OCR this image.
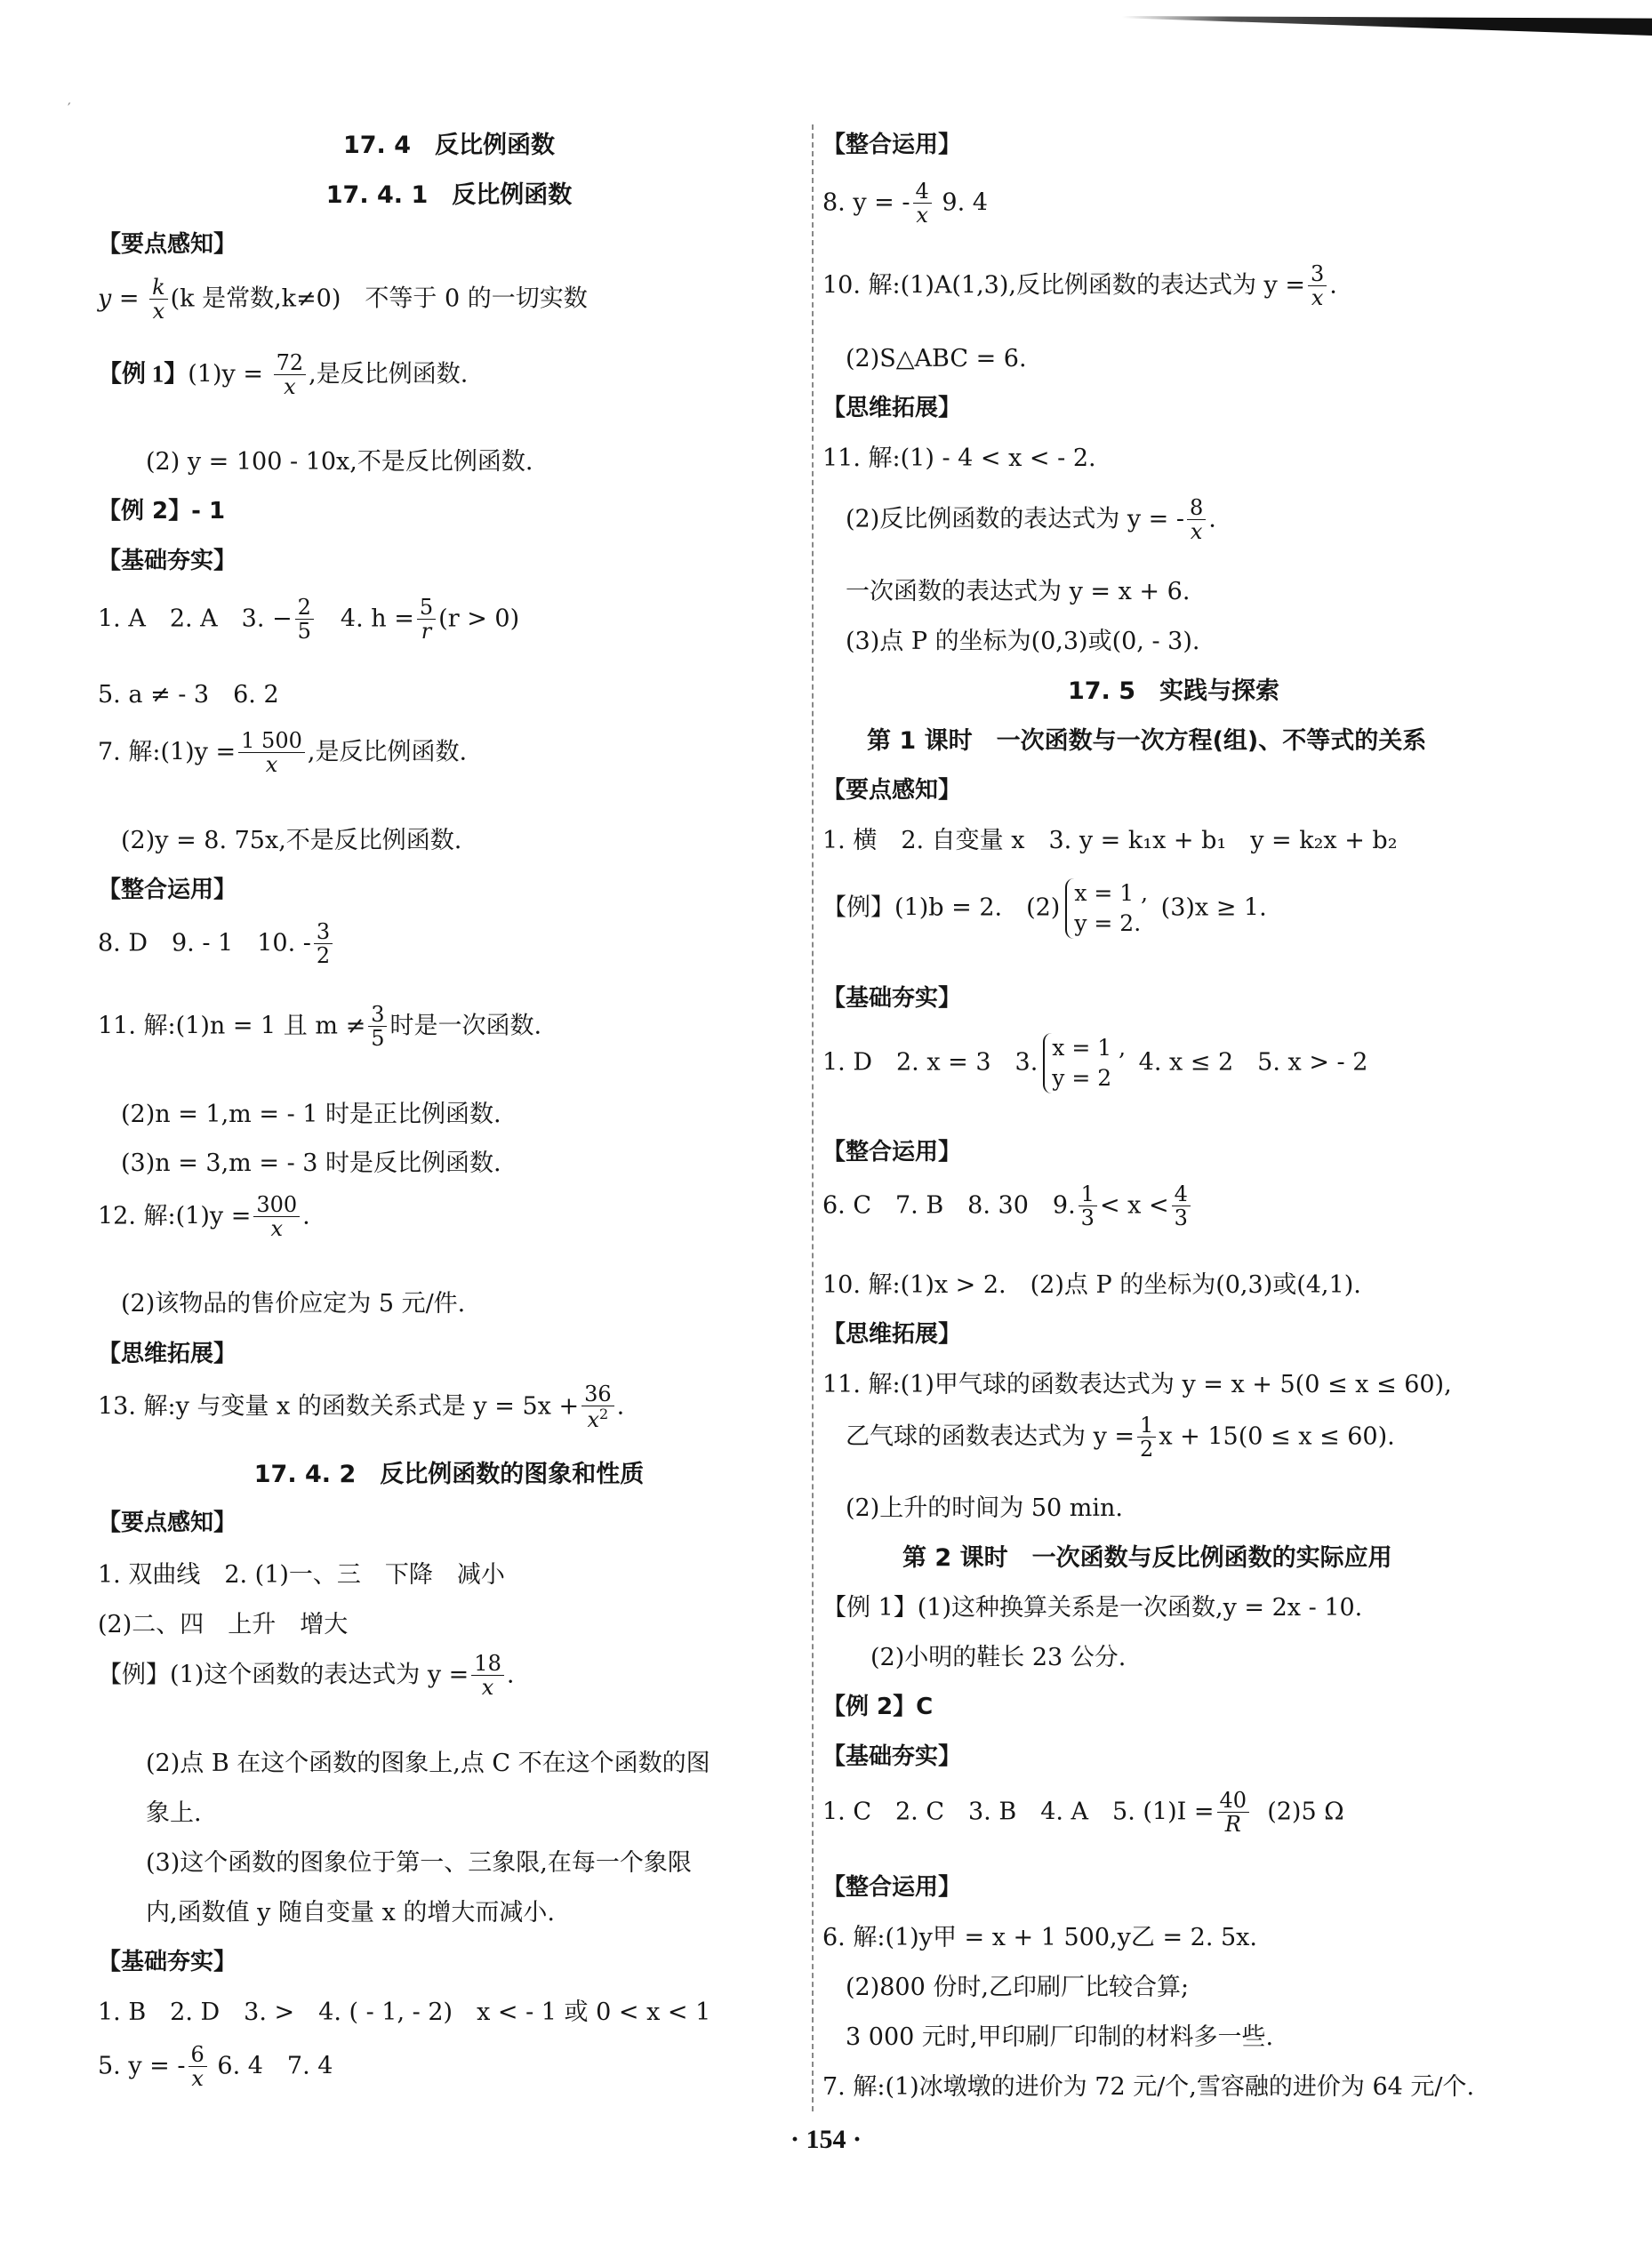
′
17. 4　反比例函数
17. 4. 1　反比例函数
【要点感知】
$y = \frac{k}{x} (k$ 是常数,k≠0)　不等于 0 的一切实数
【例 1】$(1)y = \frac{72}{x}$ ,是反比例函数.
(2) y = 100 - 10x,不是反比例函数.
【例 2】- 1
【基础夯实】
1. A　2. A　3. − $\frac{2}{5}$ 　4. $h = \frac{5}{r} (r > 0)$
5. a ≠ - 3　6. 2
7. 解:(1)y = $\frac{1 500}{x}$ ,是反比例函数.
(2)y = 8. 75x,不是反比例函数.
【整合运用】
8. D　9. - 1　10. - $\frac{3}{2}$
11. 解:(1)n = 1 且 $m \ne \frac{3}{5}$ 时是一次函数.
(2)n = 1,m = - 1 时是正比例函数.
(3)n = 3,m = - 3 时是反比例函数.
12. 解:(1)y = $\frac{300}{x}$ .
(2)该物品的售价应定为 5 元/件.
【思维拓展】
13. 解:y 与变量 x 的函数关系式是 $y = 5x + \frac{36}{x^2}$ .
17. 4. 2　反比例函数的图象和性质
【要点感知】
1. 双曲线　2. (1)一、三　下降　减小
(2)二、四　上升　增大
【例】(1)这个函数的表达式为 $y = \frac{18}{x}$ .
(2)点 B 在这个函数的图象上,点 C 不在这个函数的图
象上.
(3)这个函数的图象位于第一、三象限,在每一个象限
内,函数值 y 随自变量 x 的增大而减小.
【基础夯实】
1. B　2. D　3. >　4. ( - 1, - 2)　x < - 1 或 0 < x < 1
5. y = - $\frac{6}{x} 6$. 4　7. 4
【整合运用】
8. y = - $\frac{4}{x} 9$. 4
10. 解:(1)A(1,3),反比例函数的表达式为 $y = \frac{3}{x}$ .
(2)S△ABC = 6.
【思维拓展】
11. 解:(1) - 4 < x < - 2.
(2)反比例函数的表达式为 y = - $\frac{8}{x}$ .
一次函数的表达式为 y = x + 6.
(3)点 P 的坐标为(0,3)或(0, - 3).
17. 5　实践与探索
第 1 课时　一次函数与一次方程(组)、不等式的关系
【要点感知】
1. 横　2. 自变量 x　3. y = k₁x + b₁　y = k₂x + b₂
【例】(1)b = 2.　(2)
x = 1 ,
y = 2.
(3)x ≥ 1.
【基础夯实】
1. D　2. x = 3　3.
x = 1 ,
y = 2
4. x ≤ 2　5. x > - 2
【整合运用】
6. C　7. B　8. 30　9. $\frac{1}{3} < x < \frac{4}{3}$
10. 解:(1)x > 2.　(2)点 P 的坐标为(0,3)或(4,1).
【思维拓展】
11. 解:(1)甲气球的函数表达式为 y = x + 5(0 ≤ x ≤ 60),
乙气球的函数表达式为 $y = \frac{1}{2}$ x + 15(0 ≤ x ≤ 60).
(2)上升的时间为 50 min.
第 2 课时　一次函数与反比例函数的实际应用
【例 1】(1)这种换算关系是一次函数,y = 2x - 10.
(2)小明的鞋长 23 公分.
【例 2】C
【基础夯实】
1. C　2. C　3. B　4. A　5. $(1)I = \frac{40}{R} (2)5$ Ω
【整合运用】
6. 解:(1)y甲 = x + 1 500,y乙 = 2. 5x.
(2)800 份时,乙印刷厂比较合算;
3 000 元时,甲印刷厂印制的材料多一些.
7. 解:(1)冰墩墩的进价为 72 元/个,雪容融的进价为 64 元/个.
· 154 ·
